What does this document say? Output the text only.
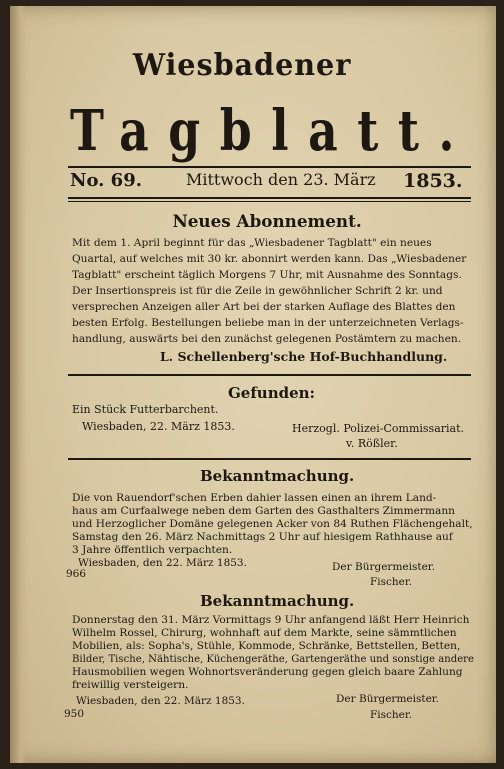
Wiesbadener
Tagblatt.
No. 69.	Mittwoch den 23. März 1853.
Neues Abonnement.
Mit dem 1. April beginnt für das „Wiesbadener Tagblatt" ein neues
Quartal, auf welches mit 30 kr. abonnirt werden kann. Das „Wiesbadener
Tagblatt" erscheint täglich Morgens 7 Uhr, mit Ausnahme des Sonntags.
Der Insertionspreis ist für die Zeile in gewöhnlicher Schrift 2 kr. und
versprechen Anzeigen aller Art bei der starken Auflage des Blattes den
besten Erfolg. Bestellungen beliebe man in der unterzeichneten Verlags-
handlung, auswärts bei den zunächst gelegenen Postämtern zu machen.
L. Schellenberg'sche Hof-Buchhandlung.
Gefunden:
Ein Stück Futterbarchent.
Wiesbaden, 22. März 1853.	Herzogl. Polizei-Commissariat.
v. Rößler.
Bekanntmachung.
Die von Rauendorf'schen Erben dahier lassen einen an ihrem Land-
haus am Curfaalwege neben dem Garten des Gasthalters Zimmermann
und Herzoglicher Domäne gelegenen Acker von 84 Ruthen Flächengehalt,
Samstag den 26. März Nachmittags 2 Uhr auf hiesigem Rathhause auf
3 Jahre öffentlich verpachten.
Wiesbaden, den 22. März 1853.
966
Der Bürgermeister.
Fischer.
Bekanntmachung.
Donnerstag den 31. März Vormittags 9 Uhr anfangend läßt Herr Heinrich
Wilhelm Rossel, Chirurg, wohnhaft auf dem Markte, seine sämmtlichen
Mobilien, als: Sopha's, Stühle, Kommode, Schränke, Bettstellen, Betten,
Bilder, Tische, Nähtische, Küchengeräthe, Gartengeräthe und sonstige andere
Hausmobilien wegen Wohnortsveränderung gegen gleich baare Zahlung
freiwillig versteigern.
Wiesbaden, den 22. März 1853.
950
Der Bürgermeister.
Fischer.
